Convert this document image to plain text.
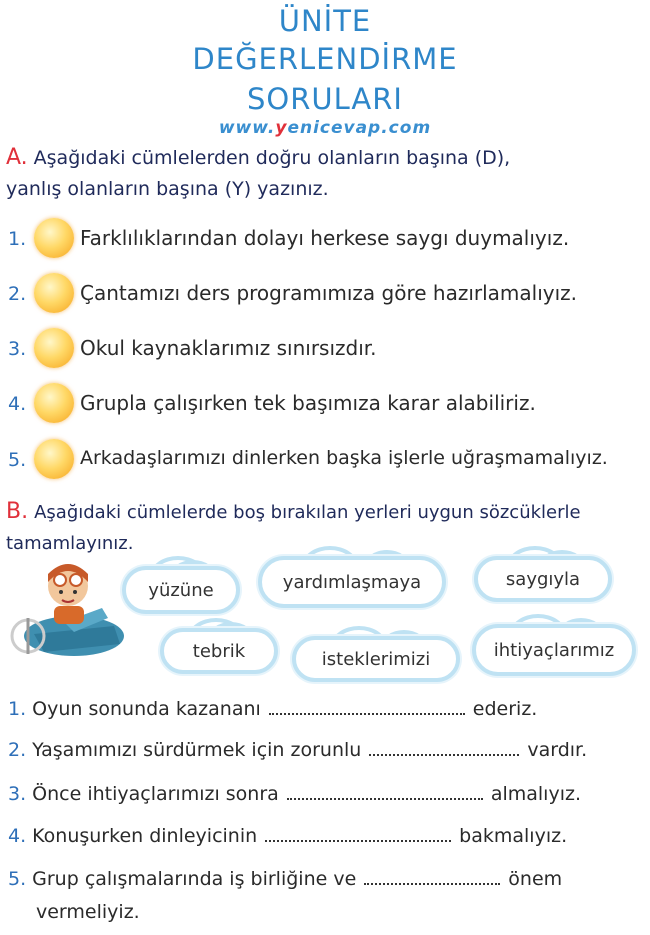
ÜNİTE
DEĞERLENDİRME
SORULARI
www.yenicevap.com
A. Aşağıdaki cümlelerden doğru olanların başına (D),
yanlış olanların başına (Y) yazınız.
1.	Farklılıklarından dolayı herkese saygı duymalıyız.
2.	Çantamızı ders programımıza göre hazırlamalıyız.
3.	Okul kaynaklarımız sınırsızdır.
4.	Grupla çalışırken tek başımıza karar alabiliriz.
5.	Arkadaşlarımızı dinlerken başka işlerle uğraşmamalıyız.
B. Aşağıdaki cümlelerde boş bırakılan yerleri uygun sözcüklerle
tamamlayınız.
yüzüne	yardımlaşmaya	saygıyla
tebrik	isteklerimizi	ihtiyaçlarımız
1. Oyun sonunda kazananı	ederiz.
2. Yaşamımızı sürdürmek için zorunlu	vardır.
3. Önce ihtiyaçlarımızı sonra	almalıyız.
4. Konuşurken dinleyicinin	bakmalıyız.
5. Grup çalışmalarında iş birliğine ve	önem
vermeliyiz.
